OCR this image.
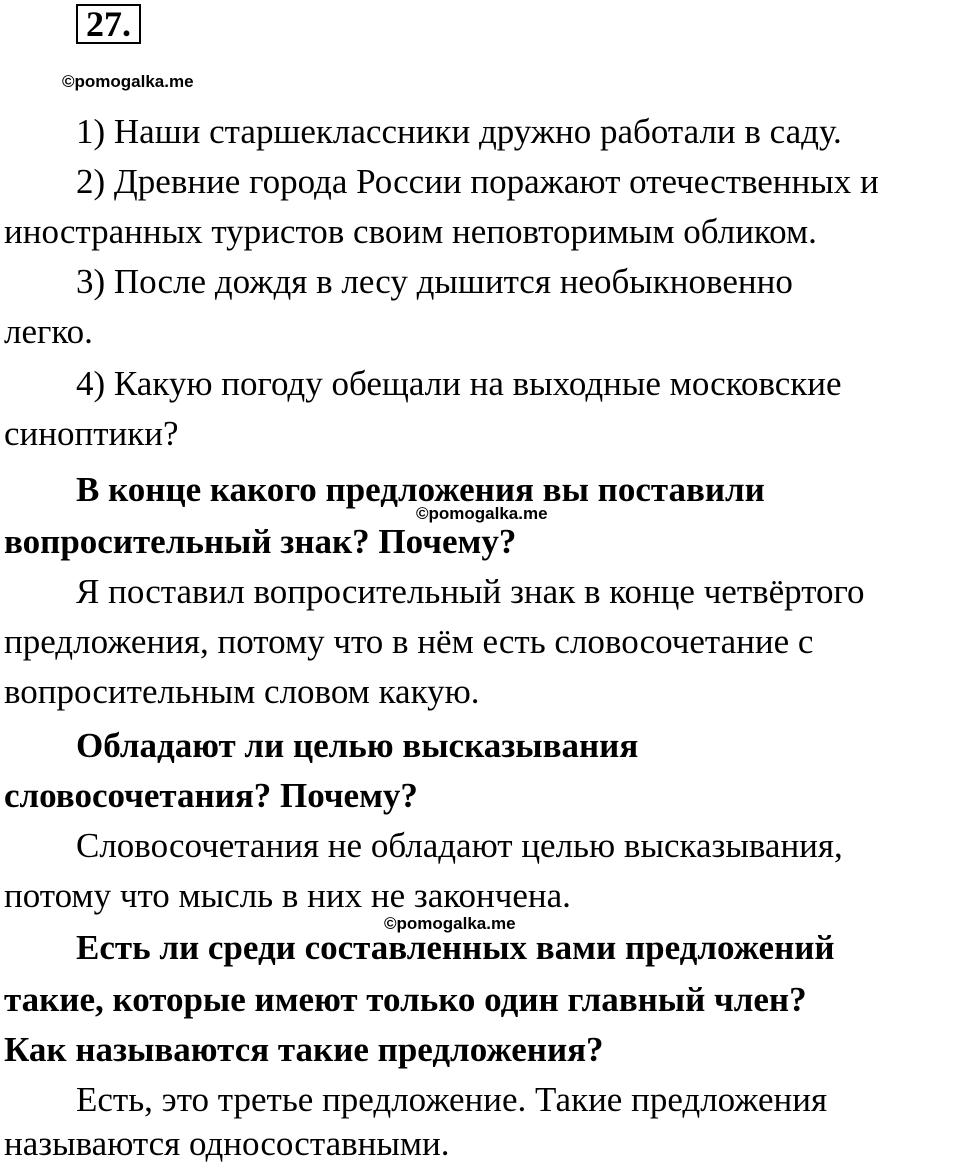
27.
©pomogalka.me
1) Наши старшеклассники дружно работали в саду.
2) Древние города России поражают отечественных и
иностранных туристов своим неповторимым обликом.
3) После дождя в лесу дышится необыкновенно
легко.
4) Какую погоду обещали на выходные московские
синоптики?
В конце какого предложения вы поставили
©pomogalka.me
вопросительный знак? Почему?
Я поставил вопросительный знак в конце четвёртого
предложения, потому что в нём есть словосочетание с
вопросительным словом какую.
Обладают ли целью высказывания
словосочетания? Почему?
Словосочетания не обладают целью высказывания,
потому что мысль в них не закончена.
©pomogalka.me
Есть ли среди составленных вами предложений
такие, которые имеют только один главный член?
Как называются такие предложения?
Есть, это третье предложение. Такие предложения
называются односоставными.
